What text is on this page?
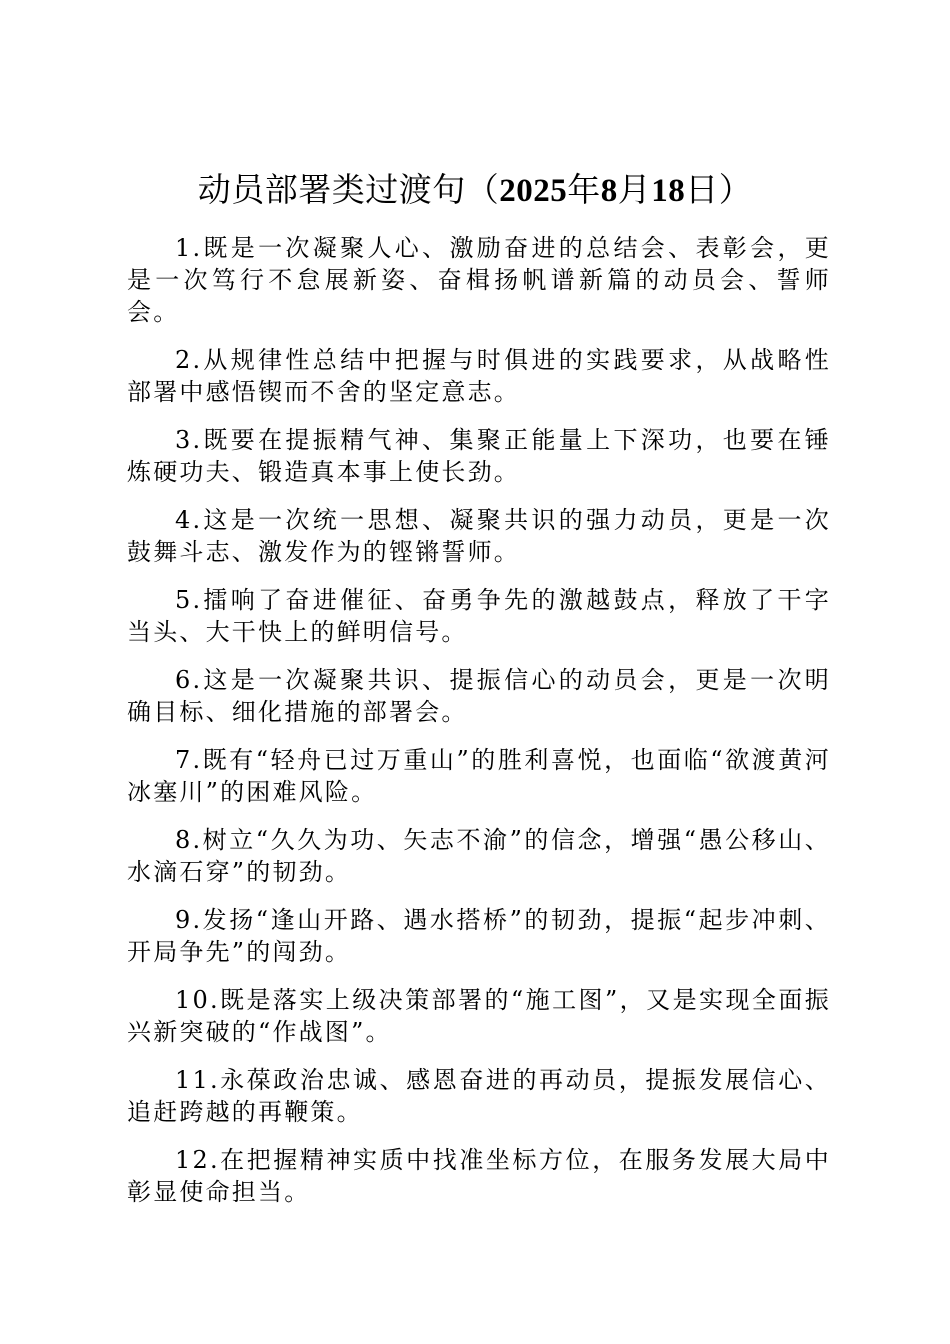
动员部署类过渡句（2025年8月18日）

1.既是一次凝聚人心、激励奋进的总结会、表彰会，更是一次笃行不怠展新姿、奋楫扬帆谱新篇的动员会、誓师会。

2.从规律性总结中把握与时俱进的实践要求，从战略性部署中感悟锲而不舍的坚定意志。

3.既要在提振精气神、集聚正能量上下深功，也要在锤炼硬功夫、锻造真本事上使长劲。

4.这是一次统一思想、凝聚共识的强力动员，更是一次鼓舞斗志、激发作为的铿锵誓师。

5.擂响了奋进催征、奋勇争先的激越鼓点，释放了干字当头、大干快上的鲜明信号。

6.这是一次凝聚共识、提振信心的动员会，更是一次明确目标、细化措施的部署会。

7.既有“轻舟已过万重山”的胜利喜悦，也面临“欲渡黄河冰塞川”的困难风险。

8.树立“久久为功、矢志不渝”的信念，增强“愚公移山、水滴石穿”的韧劲。

9.发扬“逢山开路、遇水搭桥”的韧劲，提振“起步冲刺、开局争先”的闯劲。

10.既是落实上级决策部署的“施工图”，又是实现全面振兴新突破的“作战图”。

11.永葆政治忠诚、感恩奋进的再动员，提振发展信心、追赶跨越的再鞭策。

12.在把握精神实质中找准坐标方位，在服务发展大局中彰显使命担当。
